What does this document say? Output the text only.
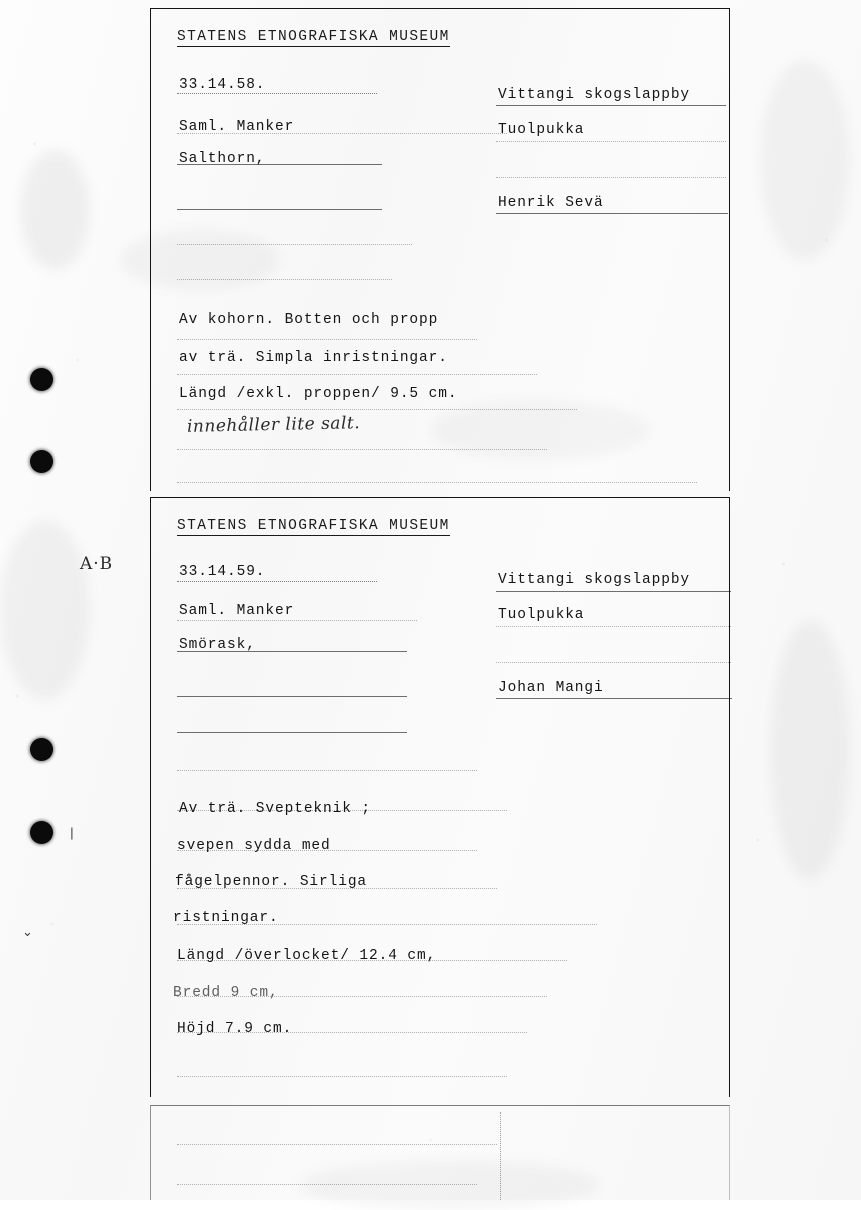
A·B
⌄
|
STATENS ETNOGRAFISKA MUSEUM
33.14.58.
Saml. Manker
Salthorn,
Vittangi skogslappby
Tuolpukka
Henrik Sevä
Av kohorn. Botten och propp
av trä. Simpla inristningar.
Längd /exkl. proppen/ 9.5 cm.
innehåller lite salt.
STATENS ETNOGRAFISKA MUSEUM
33.14.59.
Saml. Manker
Smörask,
Vittangi skogslappby
Tuolpukka
Johan Mangi
Av trä. Svepteknik ;
svepen sydda med
fågelpennor. Sirliga
ristningar.
Längd /överlocket/ 12.4 cm,
Bredd 9 cm,
Höjd 7.9 cm.
